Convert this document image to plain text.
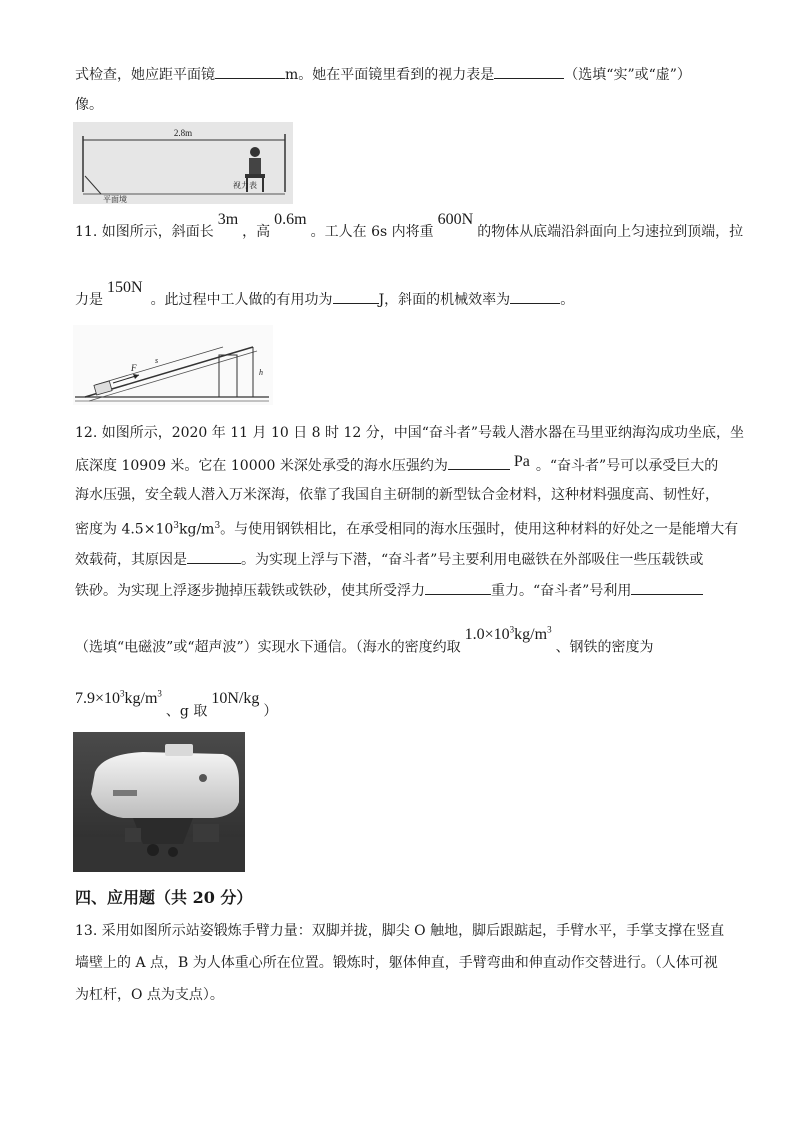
式检查，她应距平面镜	m。她在平面镜里看到的视力表是	（选填“实”或“虚”）
像。
2.8m
平面境
视力表
11. 如图所示，斜面长3m，高0.6m。工人在 6s 内将重600N的物体从底端沿斜面向上匀速拉到顶端，拉
力是150N。此过程中工人做的有用功为	J，斜面的机械效率为	。
h
s
F
12. 如图所示，2020 年 11 月 10 日 8 时 12 分，中国“奋斗者”号载人潜水器在马里亚纳海沟成功坐底，坐
底深度 10909 米。它在 10000 米深处承受的海水压强约为	Pa 。“奋斗者”号可以承受巨大的
海水压强，安全载人潜入万米深海，依靠了我国自主研制的新型钛合金材料，这种材料强度高、韧性好，
密度为 $4.5\times 10^3kg/m^3$。与使用钢铁相比，在承受相同的海水压强时，使用这种材料的好处之一是能增大有
效载荷，其原因是	。为实现上浮与下潜，“奋斗者”号主要利用电磁铁在外部吸住一些压载铁或
铁砂。为实现上浮逐步抛掉压载铁或铁砂，使其所受浮力	重力。“奋斗者”号利用
（选填“电磁波”或“超声波”）实现水下通信。（海水的密度约取$1.0\times 10^3kg/m^3$、钢铁的密度为
$7.9\times 10^3kg/m^3$、g 取10N/kg）
四、应用题（共 20 分）
13. 采用如图所示站姿锻炼手臂力量：双脚并拢，脚尖 O 触地，脚后跟踮起，手臂水平，手掌支撑在竖直
墙壁上的 A 点，B 为人体重心所在位置。锻炼时，躯体伸直，手臂弯曲和伸直动作交替进行。（人体可视
为杠杆，O 点为支点）。
